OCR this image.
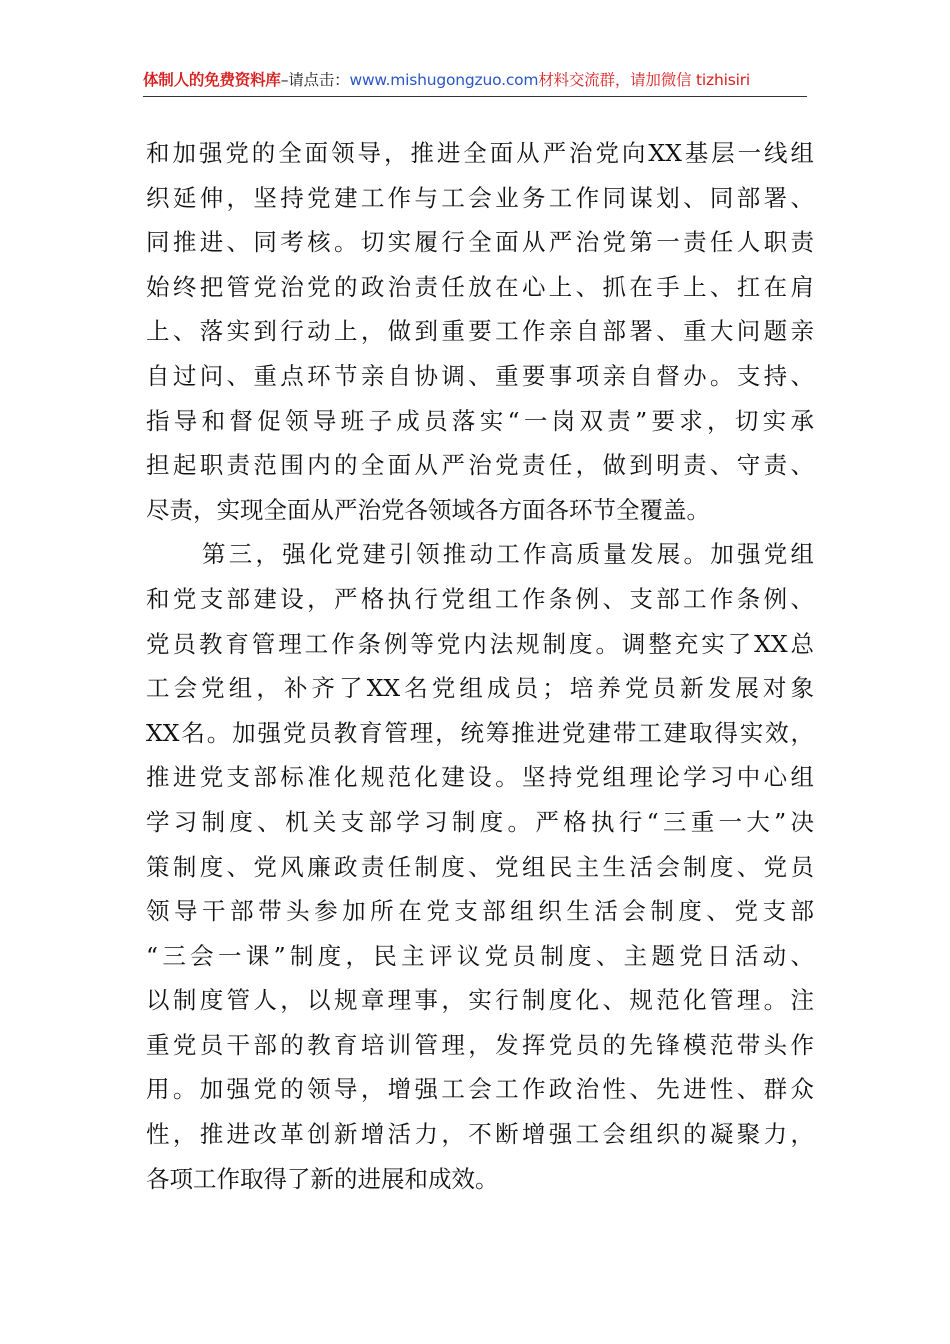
体制人的免费资料库–请点击：www.mishugongzuo.com材料交流群，请加微信 tizhisiri
和加强党的全面领导，推进全面从严治党向XX基层一线组
织延伸，坚持党建工作与工会业务工作同谋划、同部署、
同推进、同考核。切实履行全面从严治党第一责任人职责
始终把管党治党的政治责任放在心上、抓在手上、扛在肩
上、落实到行动上，做到重要工作亲自部署、重大问题亲
自过问、重点环节亲自协调、重要事项亲自督办。支持、
指导和督促领导班子成员落实“一岗双责”要求，切实承
担起职责范围内的全面从严治党责任，做到明责、守责、
尽责，实现全面从严治党各领域各方面各环节全覆盖。
第三，强化党建引领推动工作高质量发展。加强党组
和党支部建设，严格执行党组工作条例、支部工作条例、
党员教育管理工作条例等党内法规制度。调整充实了XX总
工会党组，补齐了XX名党组成员；培养党员新发展对象
XX名。加强党员教育管理，统筹推进党建带工建取得实效，
推进党支部标准化规范化建设。坚持党组理论学习中心组
学习制度、机关支部学习制度。严格执行“三重一大”决
策制度、党风廉政责任制度、党组民主生活会制度、党员
领导干部带头参加所在党支部组织生活会制度、党支部
“三会一课”制度，民主评议党员制度、主题党日活动、
以制度管人，以规章理事，实行制度化、规范化管理。注
重党员干部的教育培训管理，发挥党员的先锋模范带头作
用。加强党的领导，增强工会工作政治性、先进性、群众
性，推进改革创新增活力，不断增强工会组织的凝聚力，
各项工作取得了新的进展和成效。
